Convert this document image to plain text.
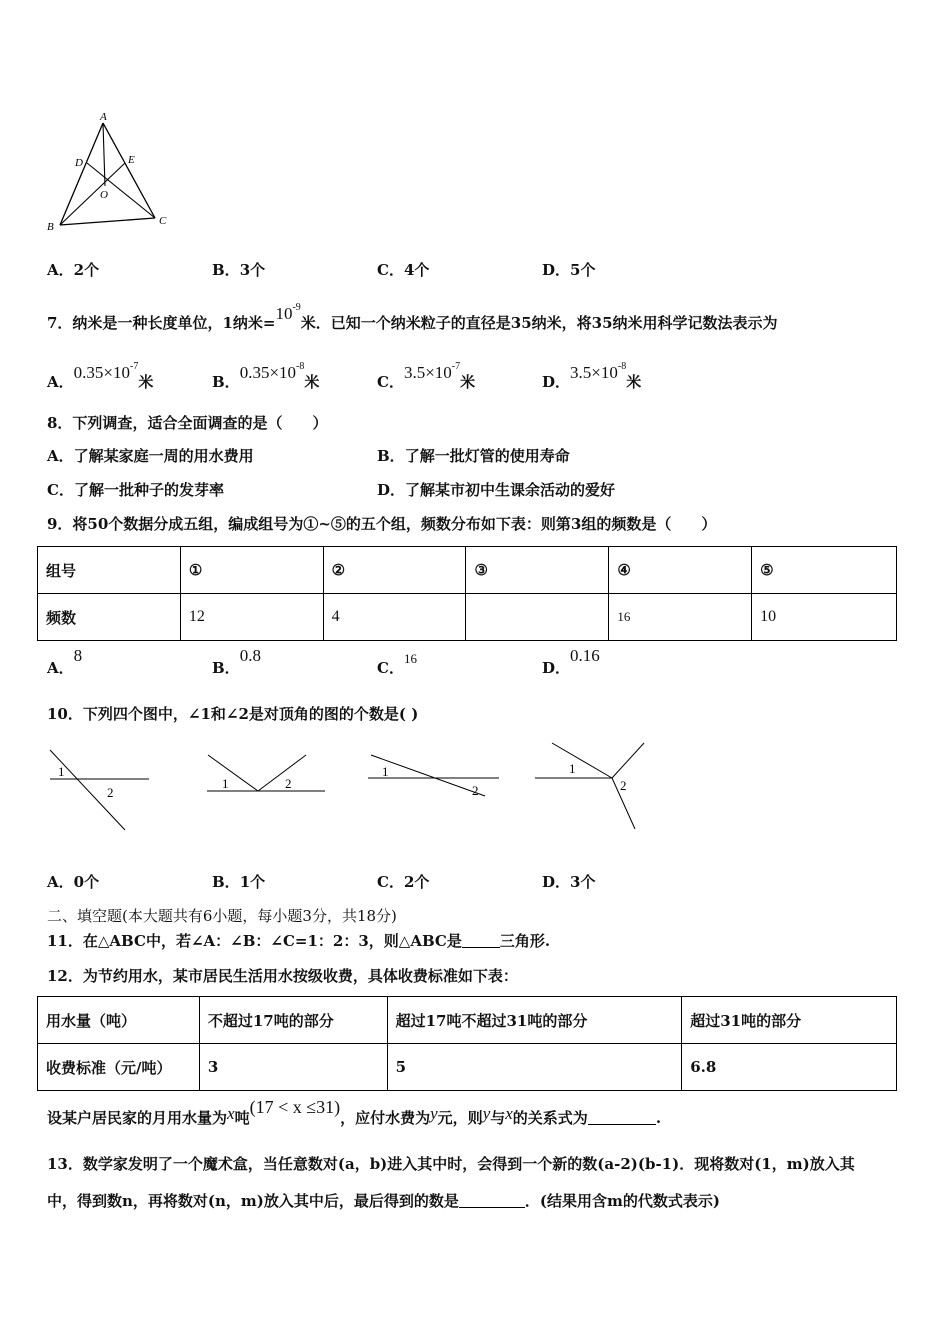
A
D	E
O
B	C
A．2个	B．3个	C．4个	D．5个
7．纳米是一种长度单位，1纳米$=10^{-9}$米．已知一个纳米粒子的直径是35纳米，将35纳米用科学记数法表示为
A．$0.35\times 10^{-7}$米	B．$0.35\times 10^{-8}$米	C．$3.5\times 10^{-7}$米	D．$3.5\times 10^{-8}$米
8．下列调查，适合全面调查的是（　　）
A．了解某家庭一周的用水费用	B．了解一批灯管的使用寿命
C．了解一批种子的发芽率	D．了解某市初中生课余活动的爱好
9．将50个数据分成五组，编成组号为①~⑤的五个组，频数分布如下表：则第3组的频数是（　　）
组号	①	②	③	④	⑤
频数	12	4		16	10
A．8
B．0.8
C．16
D．0.16
10．下列四个图中，∠1和∠2是对顶角的图的个数是( )
1
2
1	2
1
2
1
2
A．0个	B．1个	C．2个	D．3个
二、填空题(本大题共有6小题，每小题3分，共18分)
11．在△ABC中，若∠A：∠B：∠C=1：2：3，则△ABC是	三角形.
12．为节约用水，某市居民生活用水按级收费，具体收费标准如下表：
用水量（吨）	不超过17吨的部分	超过17吨不超过31吨的部分	超过31吨的部分
收费标准（元/吨）	3	5	6.8
设某户居民家的月用水量为x吨(17 < x ≤31)，应付水费为y元，则y与x的关系式为	.
13．数学家发明了一个魔术盒，当任意数对(a，b)进入其中时，会得到一个新的数(a-2)(b-1)．现将数对(1，m)放入其
中，得到数n，再将数对(n，m)放入其中后，最后得到的数是	．(结果用含m的代数式表示)
